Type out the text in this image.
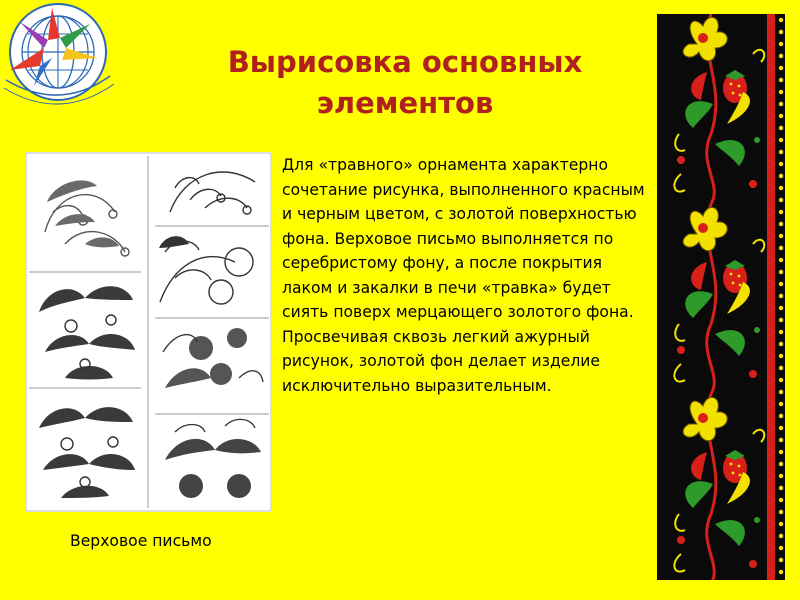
Вырисовка основных элементов

Для «травного» орнамента характерно сочетание рисунка, выполненного красным и черным цветом, с золотой поверхностью фона. Верховое письмо выполняется по серебристому фону, а после покрытия лаком и закалки в печи «травка» будет сиять поверх мерцающего золотого фона. Просвечивая сквозь легкий ажурный рисунок, золотой фон делает изделие исключительно выразительным.

Верховое письмо
